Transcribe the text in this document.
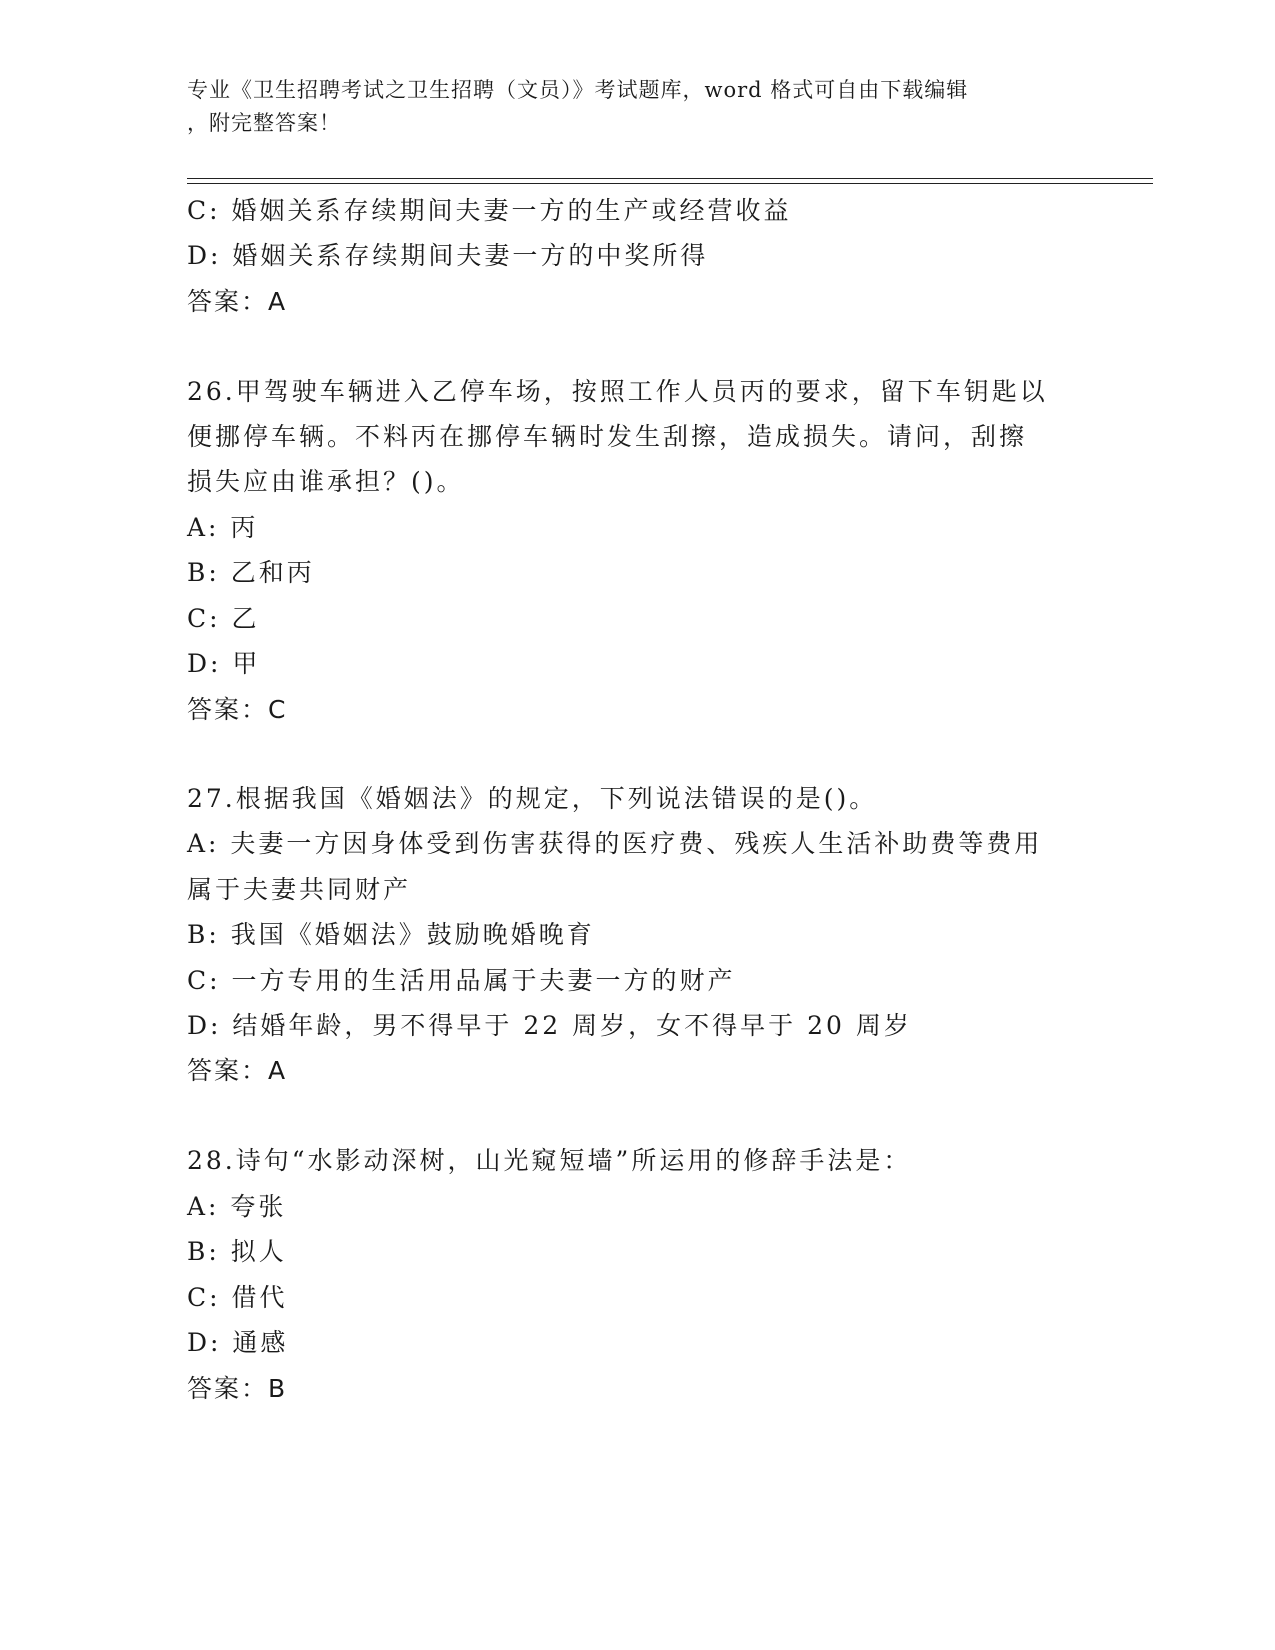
专业《卫生招聘考试之卫生招聘（文员）》考试题库，word 格式可自由下载编辑
，附完整答案！
C: 婚姻关系存续期间夫妻一方的生产或经营收益
D: 婚姻关系存续期间夫妻一方的中奖所得
答案：A
26.甲驾驶车辆进入乙停车场，按照工作人员丙的要求，留下车钥匙以
便挪停车辆。不料丙在挪停车辆时发生刮擦，造成损失。请问，刮擦
损失应由谁承担？()。
A: 丙
B: 乙和丙
C: 乙
D: 甲
答案：C
27.根据我国《婚姻法》的规定，下列说法错误的是()。
A: 夫妻一方因身体受到伤害获得的医疗费、残疾人生活补助费等费用
属于夫妻共同财产
B: 我国《婚姻法》鼓励晚婚晚育
C: 一方专用的生活用品属于夫妻一方的财产
D: 结婚年龄，男不得早于 22 周岁，女不得早于 20 周岁
答案：A
28.诗句“水影动深树，山光窥短墙”所运用的修辞手法是：
A: 夸张
B: 拟人
C: 借代
D: 通感
答案：B
